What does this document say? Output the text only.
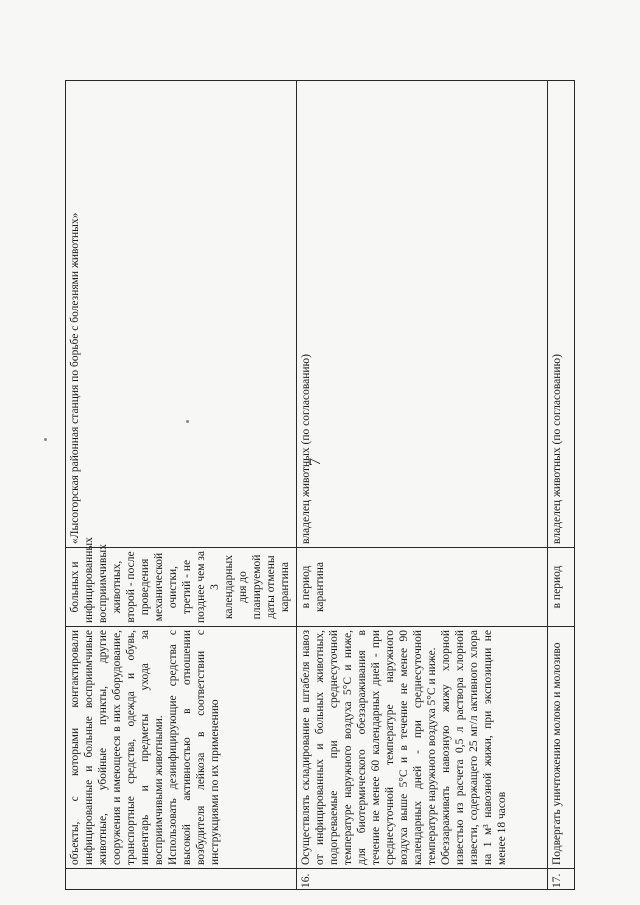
7

	объекты, с которыми контактировали инфицированные и больные восприимчивые животные, убойные пункты, другие сооружения и имеющееся в них оборудование, транспортные средства, одежда и обувь, инвентарь и предметы ухода за восприимчивыми животными. Использовать дезинфицирующие средства с высокой активностью в отношении возбудителя лейкоза в соответствии с инструкциями по их применению	больных и инфицированных восприимчивых животных, второй - после проведения механической очистки, третий - не позднее чем за 3 календарных дня до планируемой даты отмены карантина	«Лысогорская районная станция по борьбе с болезнями животных»
16.	Осуществлять складирование в штабеля навоз от инфицированных и больных животных, подогреваемые при среднесуточной температуре наружного воздуха 5°С и ниже, для биотермического обеззараживания в течение не менее 60 календарных дней - при среднесуточной температуре наружного воздуха выше 5°С и в течение не менее 90 календарных дней - при среднесуточной температуре наружного воздуха 5°С и ниже. Обеззараживать навозную жижу хлорной известью из расчета 0,5 л раствора хлорной извести, содержащего 25 мг/л активного хлора на 1 м³ навозной жижи, при экспозиции не менее 18 часов	в период карантина	владелец животных (по согласованию)
17.	Подвергать уничтожению молоко и молозиво	в период	владелец животных (по согласованию)
